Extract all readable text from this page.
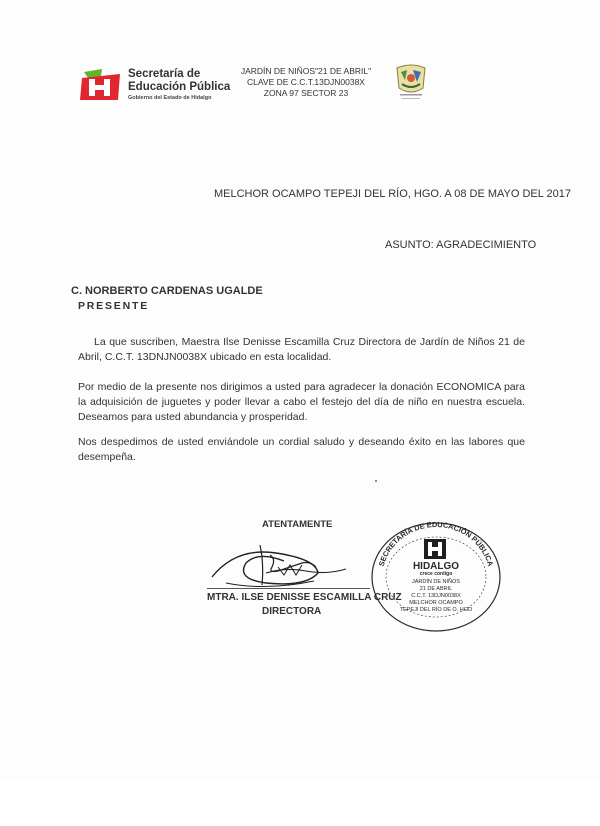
Secretaría de
Educación Pública
Gobierno del Estado de Hidalgo
JARDÍN DE NIÑOS"21 DE ABRIL"
CLAVE DE C.C.T.13DJN0038X
ZONA 97 SECTOR 23
MELCHOR OCAMPO TEPEJI DEL RÍO, HGO. A 08 DE MAYO DEL 2017
ASUNTO: AGRADECIMIENTO
C. NORBERTO CARDENAS UGALDE
PRESENTE
La que suscriben, Maestra Ilse Denisse Escamilla Cruz Directora de Jardín de Niños 21 de Abril, C.C.T. 13DNJN0038X ubicado en esta localidad.
Por medio de la presente nos dirigimos a usted para agradecer la donación ECONOMICA para la adquisición de juguetes y poder llevar a cabo el festejo del día de niño en nuestra escuela. Deseamos para usted abundancia y prosperidad.
Nos despedimos de usted enviándole un cordial saludo y deseando éxito en las labores que desempeña.
ATENTAMENTE
MTRA. ILSE DENISSE ESCAMILLA CRUZ
DIRECTORA
SECRETARÍA DE EDUCACIÓN PÚBLICA
HIDALGO
crece contigo
JARDÍN DE NIÑOS
21 DE ABRIL
C.C.T. 13DJN0038X
MELCHOR OCAMPO
TEPEJI DEL RÍO DE O. HGO
